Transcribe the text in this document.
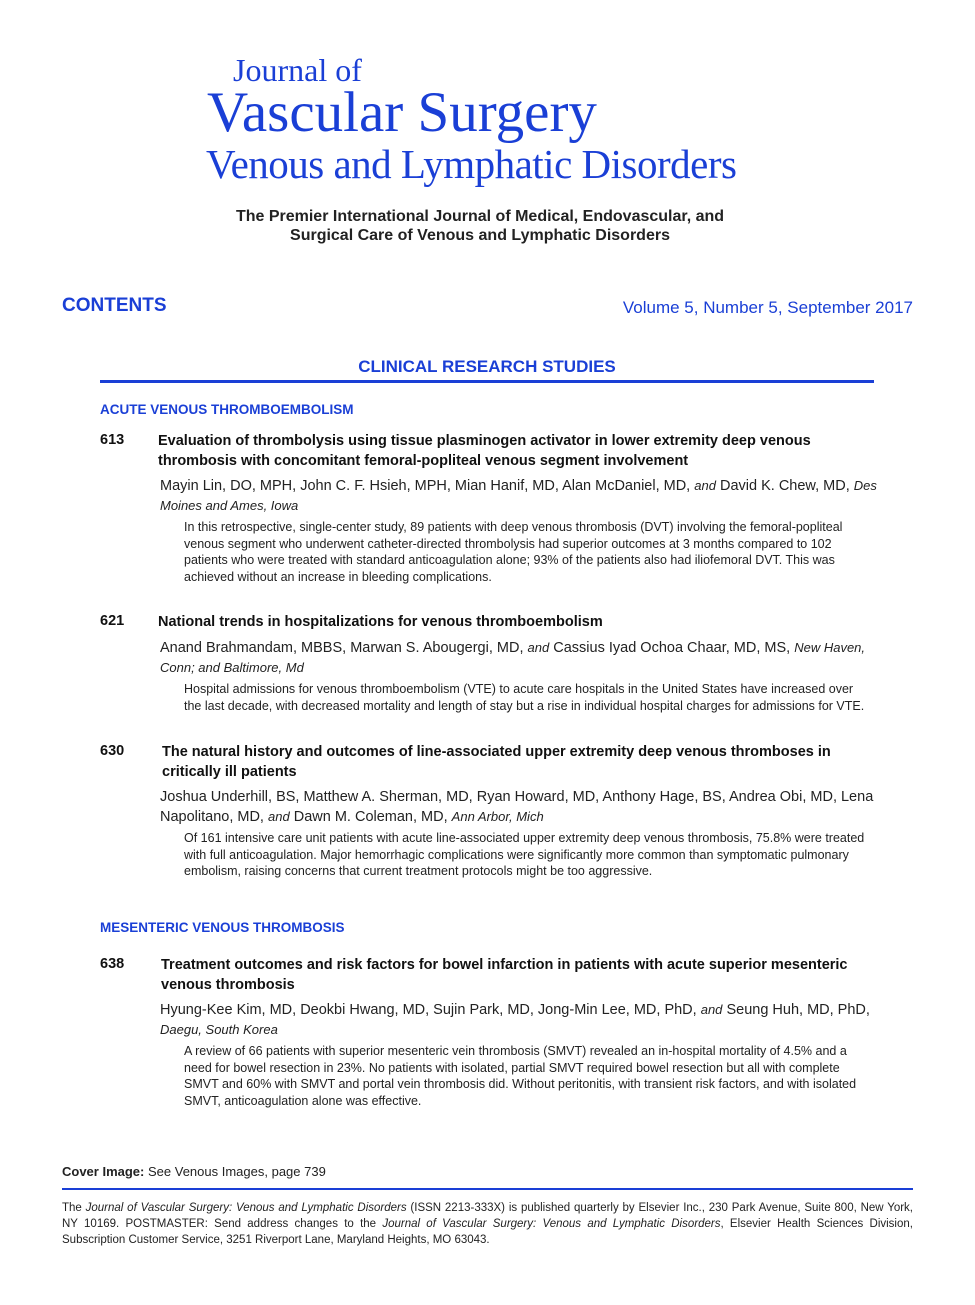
Journal of
Vascular Surgery
Venous and Lymphatic Disorders
The Premier International Journal of Medical, Endovascular, and
Surgical Care of Venous and Lymphatic Disorders
CONTENTS	Volume 5, Number 5, September 2017
CLINICAL RESEARCH STUDIES
ACUTE VENOUS THROMBOEMBOLISM
613 Evaluation of thrombolysis using tissue plasminogen activator in lower extremity deep venous thrombosis with concomitant femoral-popliteal venous segment involvement
Mayin Lin, DO, MPH, John C. F. Hsieh, MPH, Mian Hanif, MD, Alan McDaniel, MD, and David K. Chew, MD, Des Moines and Ames, Iowa
In this retrospective, single-center study, 89 patients with deep venous thrombosis (DVT) involving the femoral-popliteal venous segment who underwent catheter-directed thrombolysis had superior outcomes at 3 months compared to 102 patients who were treated with standard anticoagulation alone; 93% of the patients also had iliofemoral DVT. This was achieved without an increase in bleeding complications.
621 National trends in hospitalizations for venous thromboembolism
Anand Brahmandam, MBBS, Marwan S. Abougergi, MD, and Cassius Iyad Ochoa Chaar, MD, MS, New Haven, Conn; and Baltimore, Md
Hospital admissions for venous thromboembolism (VTE) to acute care hospitals in the United States have increased over the last decade, with decreased mortality and length of stay but a rise in individual hospital charges for admissions for VTE.
630	The natural history and outcomes of line-associated upper extremity deep venous thromboses in critically ill patients
Joshua Underhill, BS, Matthew A. Sherman, MD, Ryan Howard, MD, Anthony Hage, BS, Andrea Obi, MD, Lena Napolitano, MD, and Dawn M. Coleman, MD, Ann Arbor, Mich
Of 161 intensive care unit patients with acute line-associated upper extremity deep venous thrombosis, 75.8% were treated with full anticoagulation. Major hemorrhagic complications were significantly more common than symptomatic pulmonary embolism, raising concerns that current treatment protocols might be too aggressive.
MESENTERIC VENOUS THROMBOSIS
638	Treatment outcomes and risk factors for bowel infarction in patients with acute superior mesenteric venous thrombosis
Hyung-Kee Kim, MD, Deokbi Hwang, MD, Sujin Park, MD, Jong-Min Lee, MD, PhD, and Seung Huh, MD, PhD, Daegu, South Korea
A review of 66 patients with superior mesenteric vein thrombosis (SMVT) revealed an in-hospital mortality of 4.5% and a need for bowel resection in 23%. No patients with isolated, partial SMVT required bowel resection but all with complete SMVT and 60% with SMVT and portal vein thrombosis did. Without peritonitis, with transient risk factors, and with isolated SMVT, anticoagulation alone was effective.
Cover Image: See Venous Images, page 739
The Journal of Vascular Surgery: Venous and Lymphatic Disorders (ISSN 2213-333X) is published quarterly by Elsevier Inc., 230 Park Avenue, Suite 800, New York, NY 10169. POSTMASTER: Send address changes to the Journal of Vascular Surgery: Venous and Lymphatic Disorders, Elsevier Health Sciences Division, Subscription Customer Service, 3251 Riverport Lane, Maryland Heights, MO 63043.
